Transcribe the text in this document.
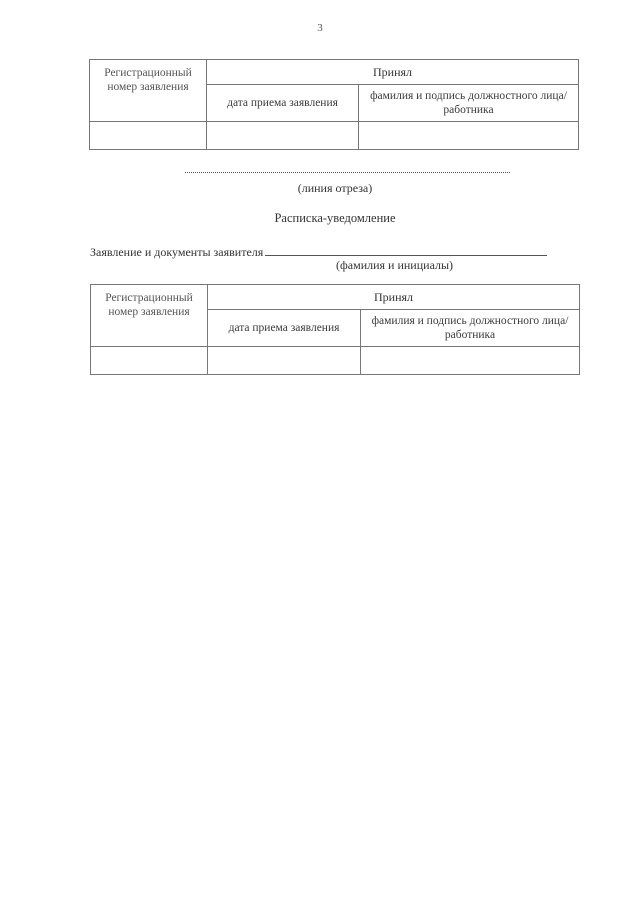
3
Регистрационный номер заявления	Принял	
	дата приема заявления	фамилия и подпись должностного лица/работника

(линия отреза)
Расписка-уведомление
Заявление и документы заявителя
(фамилия и инициалы)
Регистрационный номер заявления	Принял	
	дата приема заявления	фамилия и подпись должностного лица/работника
